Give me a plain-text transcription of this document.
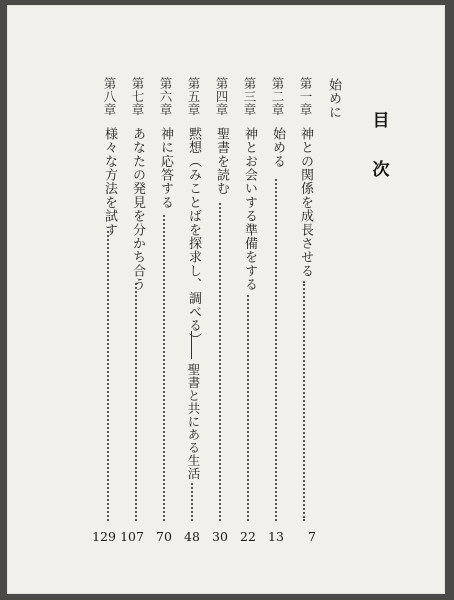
目
次
始めに
7
第一章
神との関係を成長させる
13
第二章
始める
22
第三章
神とお会いする準備をする
30
第四章
聖書を読む
48
第五章
黙想（みことばを探求し、調べる）
聖書と共にある生活
70
第六章
神に応答する
107
第七章
あなたの発見を分かち合う
129
第八章
様々な方法を試す
